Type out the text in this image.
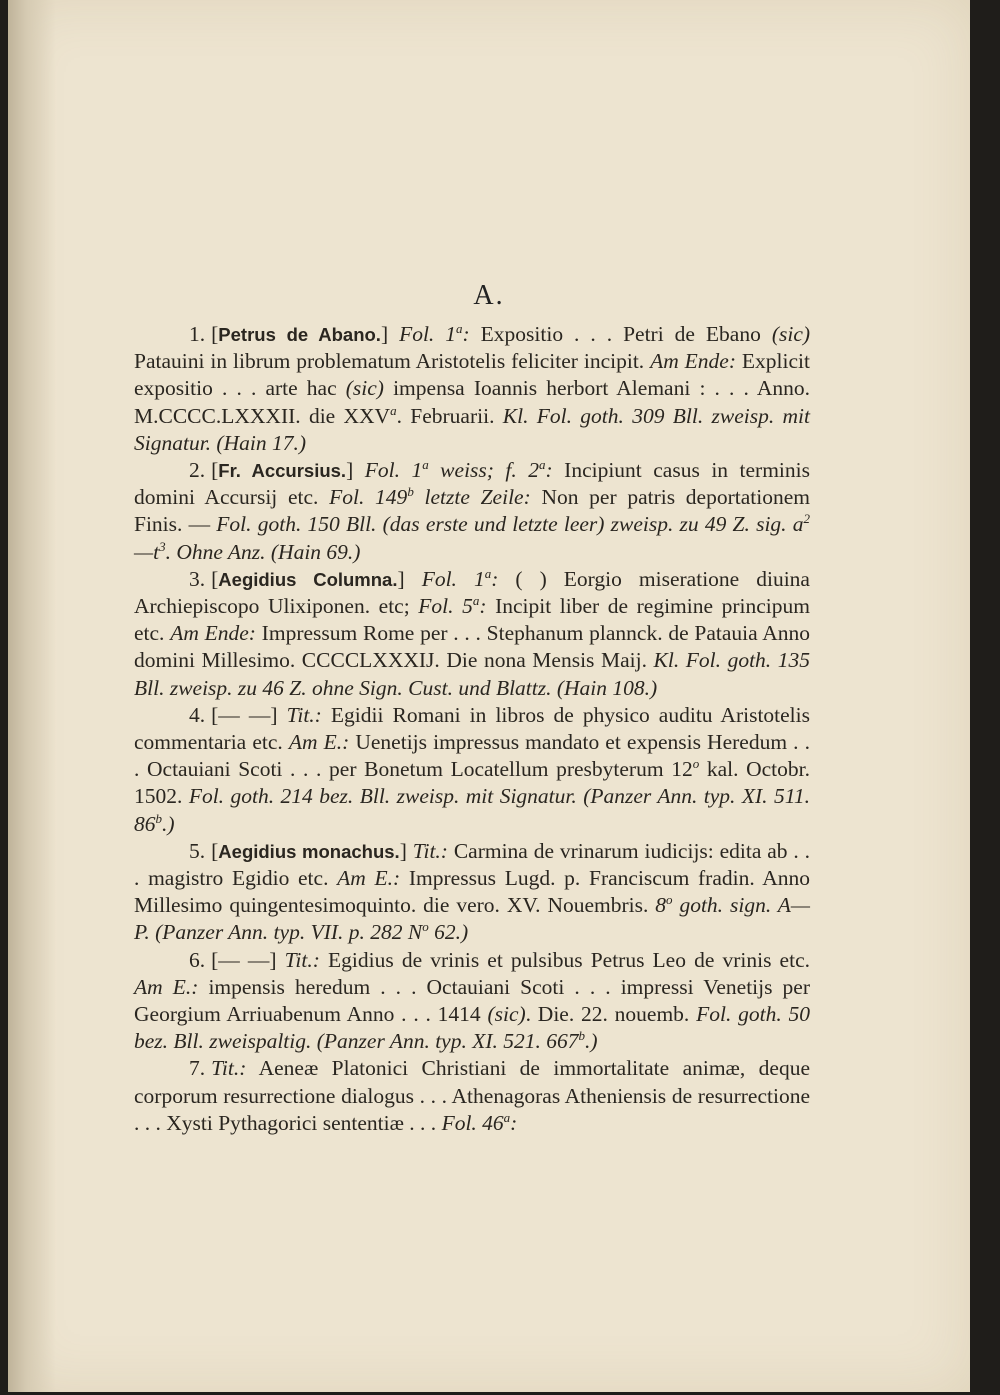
A.

1. [Petrus de Abano.] Fol. 1$^a$: Expositio . . . Petri de Ebano (sic) Patauini in librum problematum Aristotelis feliciter incipit. Am Ende: Explicit expositio . . . arte hac (sic) impensa Ioannis herbort Alemani : . . . Anno. M.CCCC.LXXXII. die XXV$^a$. Februarii. Kl. Fol. goth. 309 Bll. zweisp. mit Signatur. (Hain 17.)

2. [Fr. Accursius.] Fol. 1$^a$ weiss; f. 2$^a$: Incipiunt casus in terminis domini Accursij etc. Fol. 149$^b$ letzte Zeile: Non per patris deportationem Finis. — Fol. goth. 150 Bll. (das erste und letzte leer) zweisp. zu 49 Z. sig. $a^2—t^3$. Ohne Anz. (Hain 69.)

3. [Aegidius Columna.] Fol. 1$^a$: ( ) Eorgio miseratione diuina Archiepiscopo Ulixiponen. etc; Fol. 5$^a$: Incipit liber de regimine principum etc. Am Ende: Impressum Rome per . . . Stephanum plannck. de Patauia Anno domini Millesimo. CCCCLXXXIJ. Die nona Mensis Maij. Kl. Fol. goth. 135 Bll. zweisp. zu 46 Z. ohne Sign. Cust. und Blattz. (Hain 108.)

4. [— —] Tit.: Egidii Romani in libros de physico auditu Aristotelis commentaria etc. Am E.: Uenetijs impressus mandato et expensis Heredum . . . Octauiani Scoti . . . per Bonetum Locatellum presbyterum 12$^o$ kal. Octobr. 1502. Fol. goth. 214 bez. Bll. zweisp. mit Signatur. (Panzer Ann. typ. XI. 511. 86$^b$.)

5. [Aegidius monachus.] Tit.: Carmina de vrinarum iudicijs: edita ab . . . magistro Egidio etc. Am E.: Impressus Lugd. p. Franciscum fradin. Anno Millesimo quingentesimoquinto. die vero. XV. Nouembris. 8$^o$ goth. sign. A—P. (Panzer Ann. typ. VII. p. 282 $N^o$ 62.)

6. [— —] Tit.: Egidius de vrinis et pulsibus Petrus Leo de vrinis etc. Am E.: impensis heredum . . . Octauiani Scoti . . . impressi Venetijs per Georgium Arriuabenum Anno . . . 1414 (sic). Die. 22. nouemb. Fol. goth. 50 bez. Bll. zweispaltig. (Panzer Ann. typ. XI. 521. 667$^b$.)

7. Tit.: Aeneæ Platonici Christiani de immortalitate animæ, deque corporum resurrectione dialogus . . . Athenagoras Atheniensis de resurrectione . . . Xysti Pythagorici sententiæ . . . Fol. 46$^a$:
